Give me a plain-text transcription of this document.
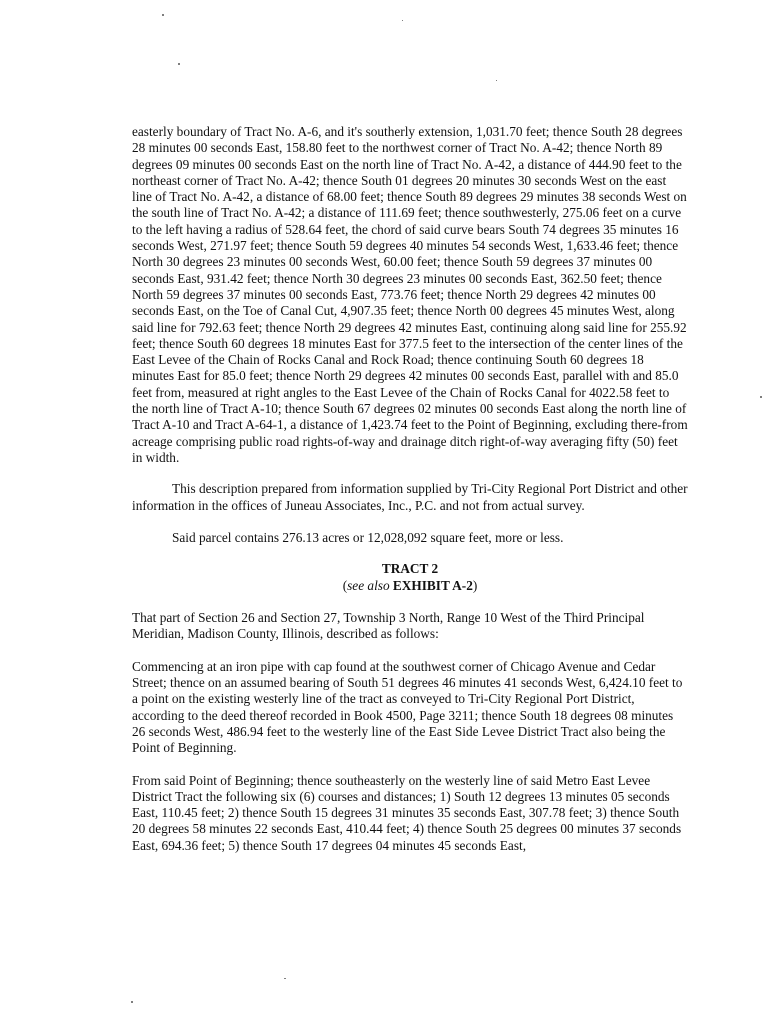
easterly boundary of Tract No. A-6, and it's southerly extension, 1,031.70 feet; thence South 28 degrees 28 minutes 00 seconds East, 158.80 feet to the northwest corner of Tract No. A-42; thence North 89 degrees 09 minutes 00 seconds East on the north line of Tract No. A-42, a distance of 444.90 feet to the northeast corner of Tract No. A-42; thence South 01 degrees 20 minutes 30 seconds West on the east line of Tract No. A-42, a distance of 68.00 feet; thence South 89 degrees 29 minutes 38 seconds West on the south line of Tract No. A-42; a distance of 111.69 feet; thence southwesterly, 275.06 feet on a curve to the left having a radius of 528.64 feet, the chord of said curve bears South 74 degrees 35 minutes 16 seconds West, 271.97 feet; thence South 59 degrees 40 minutes 54 seconds West, 1,633.46 feet; thence North 30 degrees 23 minutes 00 seconds West, 60.00 feet; thence South 59 degrees 37 minutes 00 seconds East, 931.42 feet; thence North 30 degrees 23 minutes 00 seconds East, 362.50 feet; thence North 59 degrees 37 minutes 00 seconds East, 773.76 feet; thence North 29 degrees 42 minutes 00 seconds East, on the Toe of Canal Cut, 4,907.35 feet; thence North 00 degrees 45 minutes West, along said line for 792.63 feet; thence North 29 degrees 42 minutes East, continuing along said line for 255.92 feet; thence South 60 degrees 18 minutes East for 377.5 feet to the intersection of the center lines of the East Levee of the Chain of Rocks Canal and Rock Road; thence continuing South 60 degrees 18 minutes East for 85.0 feet; thence North 29 degrees 42 minutes 00 seconds East, parallel with and 85.0 feet from, measured at right angles to the East Levee of the Chain of Rocks Canal for 4022.58 feet to the north line of Tract A-10; thence South 67 degrees 02 minutes 00 seconds East along the north line of Tract A-10 and Tract A-64-1, a distance of 1,423.74 feet to the Point of Beginning, excluding there-from acreage comprising public road rights-of-way and drainage ditch right-of-way averaging fifty (50) feet in width.

This description prepared from information supplied by Tri-City Regional Port District and other information in the offices of Juneau Associates, Inc., P.C. and not from actual survey.

Said parcel contains 276.13 acres or 12,028,092 square feet, more or less.

TRACT 2

(see also EXHIBIT A-2)

That part of Section 26 and Section 27, Township 3 North, Range 10 West of the Third Principal Meridian, Madison County, Illinois, described as follows:

Commencing at an iron pipe with cap found at the southwest corner of Chicago Avenue and Cedar Street; thence on an assumed bearing of South 51 degrees 46 minutes 41 seconds West, 6,424.10 feet to a point on the existing westerly line of the tract as conveyed to Tri-City Regional Port District, according to the deed thereof recorded in Book 4500, Page 3211; thence South 18 degrees 08 minutes 26 seconds West, 486.94 feet to the westerly line of the East Side Levee District Tract also being the Point of Beginning.

From said Point of Beginning; thence southeasterly on the westerly line of said Metro East Levee District Tract the following six (6) courses and distances; 1) South 12 degrees 13 minutes 05 seconds East, 110.45 feet; 2) thence South 15 degrees 31 minutes 35 seconds East, 307.78 feet; 3) thence South 20 degrees 58 minutes 22 seconds East, 410.44 feet; 4) thence South 25 degrees 00 minutes 37 seconds East, 694.36 feet; 5) thence South 17 degrees 04 minutes 45 seconds East,
